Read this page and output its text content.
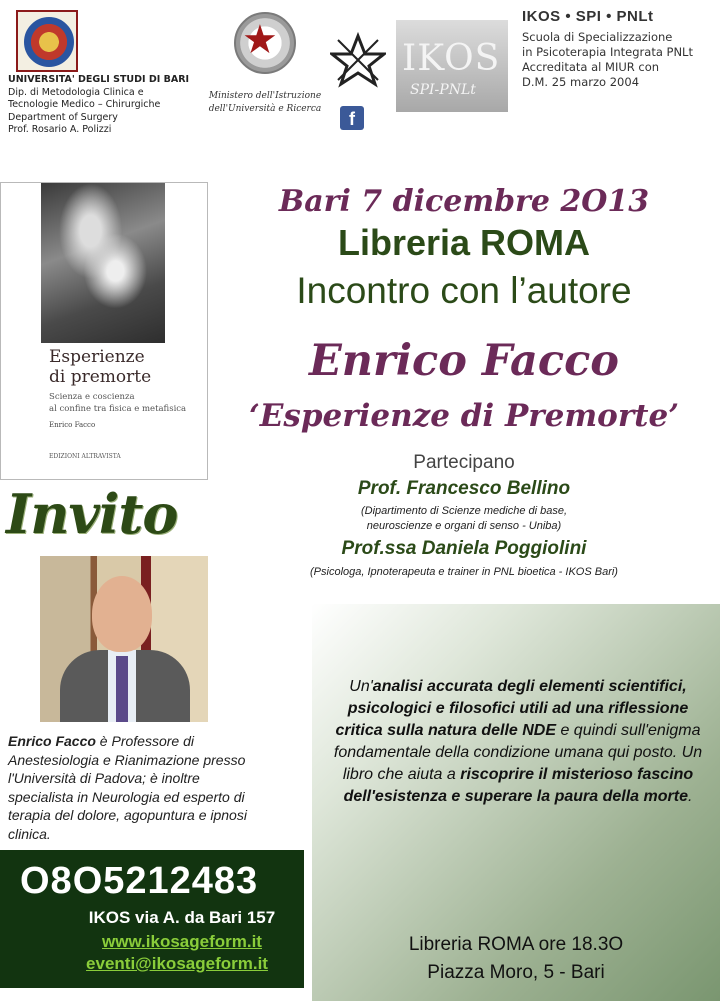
UNIVERSITA' DEGLI STUDI DI BARI
Dip. di Metodologia Clinica e
Tecnologie Medico – Chirurgiche
Department of Surgery
Prof. Rosario A. Polizzi
★
Ministero dell'Istruzione
dell'Università e Ricerca	f
IKOS
SPI-PNLt
IKOS • SPI • PNLt
Scuola di Specializzazione
in Psicoterapia Integrata PNLt
Accreditata al MIUR con
D.M. 25 marzo 2004
Esperienze
di premorte
Scienza e coscienza
al confine tra fisica e metafisica
Enrico Facco
EDIZIONI ALTRAVISTA
Bari 7 dicembre 2O13
Libreria ROMA
Incontro con l’autore
Enrico Facco
‘Esperienze di Premorte’
Partecipano
Prof. Francesco Bellino
(Dipartimento di Scienze mediche di base,
neuroscienze e organi di senso - Uniba)
Prof.ssa Daniela Poggiolini
(Psicologa, Ipnoterapeuta e trainer in PNL bioetica - IKOS Bari)
Invito
Enrico Facco è Professore di Anestesiologia e Rianimazione presso l'Università di Padova; è inoltre specialista in Neurologia ed esperto di terapia del dolore, agopuntura e ipnosi clinica.
O8O5212483
IKOS via A. da Bari 157
www.ikosageform.it
eventi@ikosageform.it
Un'analisi accurata degli elementi scientifici, psicologici e filosofici utili ad una riflessione critica sulla natura delle NDE e quindi sull'enigma fondamentale della condizione umana qui posto. Un libro che aiuta a riscoprire il misterioso fascino dell'esistenza e superare la paura della morte.
Libreria ROMA ore 18.3O
Piazza Moro, 5 - Bari
